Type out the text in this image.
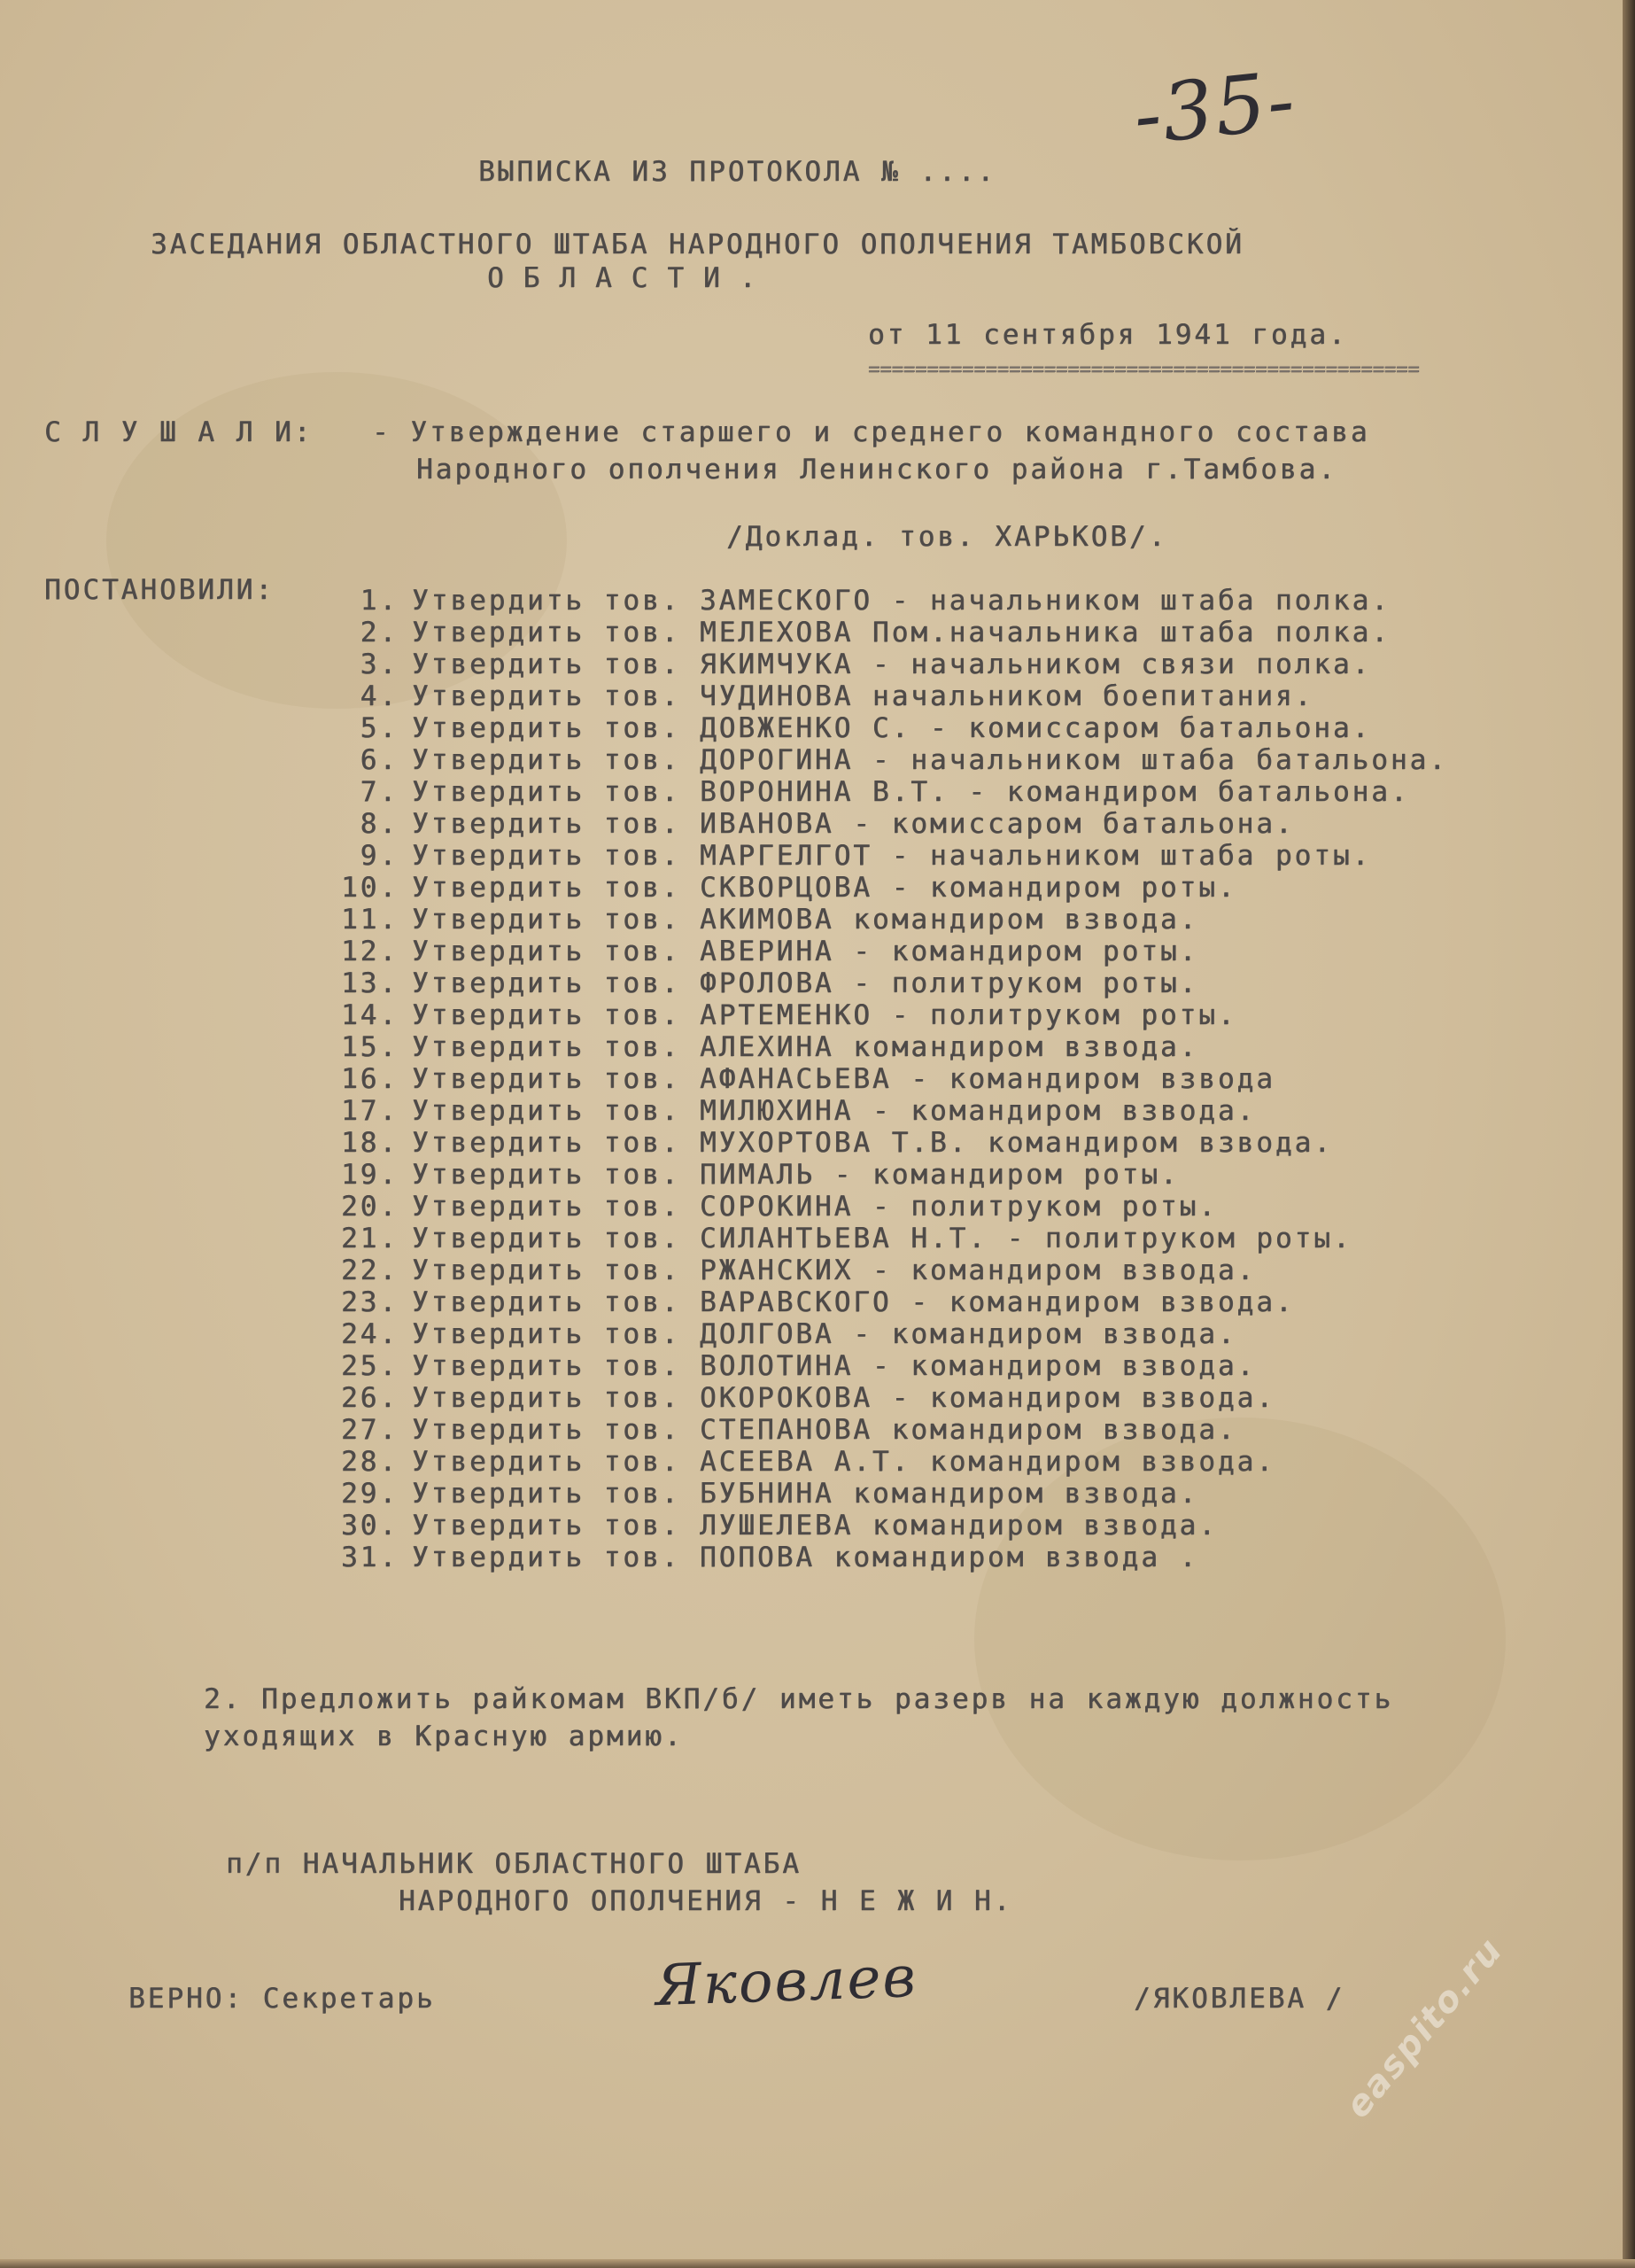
-35-
ВЫПИСКА ИЗ ПРОТОКОЛА № ....
ЗАСЕДАНИЯ ОБЛАСТНОГО ШТАБА НАРОДНОГО ОПОЛЧЕНИЯ ТАМБОВСКОЙ
ОБЛАСТИ.
от 11 сентября 1941 года.
===============================================
С Л У Ш А Л И: - Утверждение старшего и среднего командного состава
Народного ополчения Ленинского района г.Тамбова.
/Доклад. тов. ХАРЬКОВ/.
ПОСТАНОВИЛИ:	1. Утвердить тов. ЗАМЕСКОГО - начальником штаба полка.
2. Утвердить тов. МЕЛЕХОВА Пом.начальника штаба полка.
3. Утвердить тов. ЯКИМЧУКА - начальником связи полка.
4. Утвердить тов. ЧУДИНОВА начальником боепитания.
5. Утвердить тов. ДОВЖЕНКО С. - комиссаром батальона.
6. Утвердить тов. ДОРОГИНА - начальником штаба батальона.
7. Утвердить тов. ВОРОНИНА В.Т. - командиром батальона.
8. Утвердить тов. ИВАНОВА - комиссаром батальона.
9. Утвердить тов. МАРГЕЛГОТ - начальником штаба роты.
10. Утвердить тов. СКВОРЦОВА - командиром роты.
11. Утвердить тов. АКИМОВА командиром взвода.
12. Утвердить тов. АВЕРИНА - командиром роты.
13. Утвердить тов. ФРОЛОВА - политруком роты.
14. Утвердить тов. АРТЕМЕНКО - политруком роты.
15. Утвердить тов. АЛЕХИНА командиром взвода.
16. Утвердить тов. АФАНАСЬЕВА - командиром взвода
17. Утвердить тов. МИЛЮХИНА - командиром взвода.
18. Утвердить тов. МУХОРТОВА Т.В. командиром взвода.
19. Утвердить тов. ПИМАЛЬ - командиром роты.
20. Утвердить тов. СОРОКИНА - политруком роты.
21. Утвердить тов. СИЛАНТЬЕВА Н.Т. - политруком роты.
22. Утвердить тов. РЖАНСКИХ - командиром взвода.
23. Утвердить тов. ВАРАВСКОГО - командиром взвода.
24. Утвердить тов. ДОЛГОВА - командиром взвода.
25. Утвердить тов. ВОЛОТИНА - командиром взвода.
26. Утвердить тов. ОКОРОКОВА - командиром взвода.
27. Утвердить тов. СТЕПАНОВА командиром взвода.
28. Утвердить тов. АСЕЕВА А.Т. командиром взвода.
29. Утвердить тов. БУБНИНА командиром взвода.
30. Утвердить тов. ЛУШЕЛЕВА командиром взвода.
31. Утвердить тов. ПОПОВА командиром взвода .
2. Предложить райкомам ВКП/б/ иметь разерв на каждую должность
уходящих в Красную армию.
п/п НАЧАЛЬНИК ОБЛАСТНОГО ШТАБА
НАРОДНОГО ОПОЛЧЕНИЯ - Н Е Ж И Н.
ВЕРНО: Секретарь	Яковлев	/ЯКОВЛЕВА /
easpito.ru
